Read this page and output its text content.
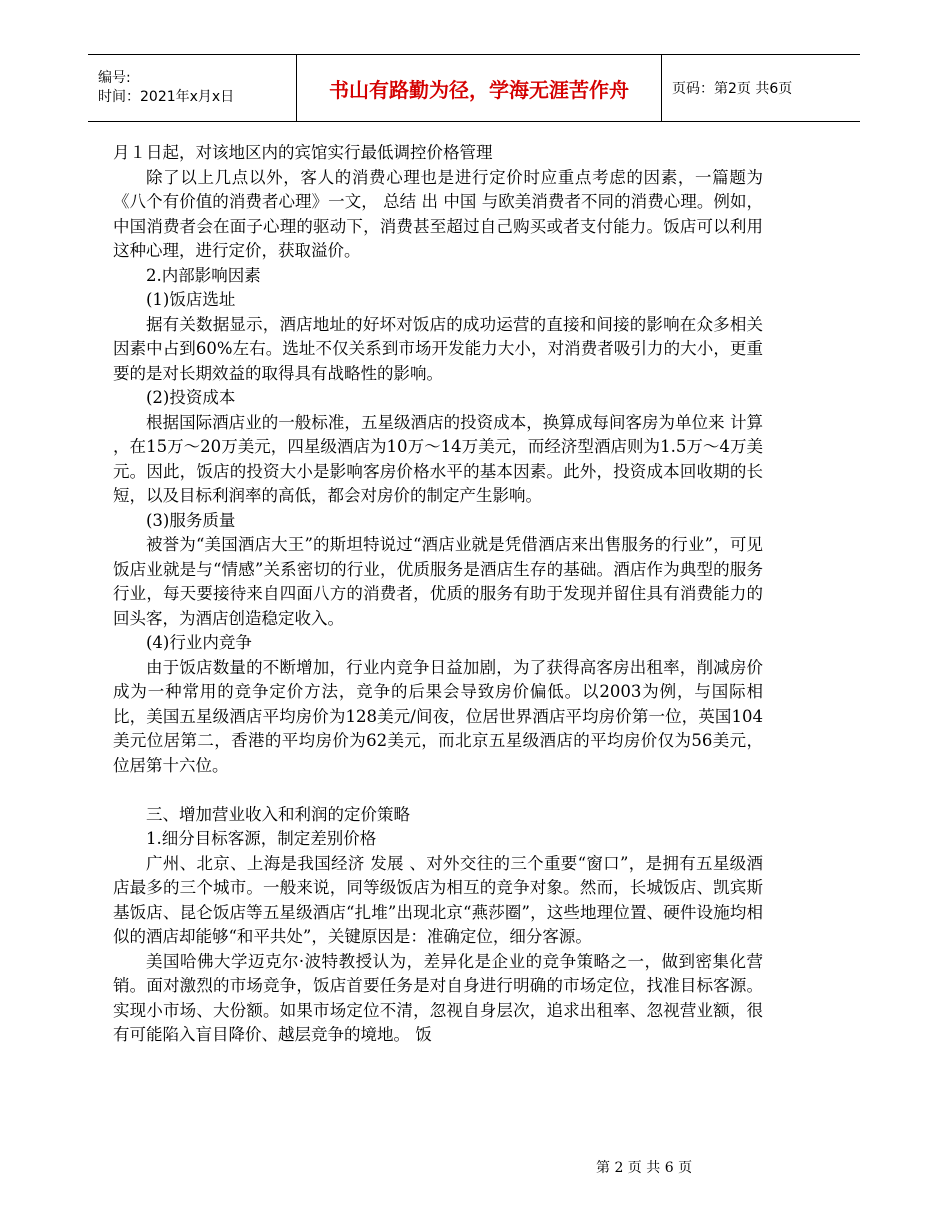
编号:
时间：2021年x月x日	书山有路勤为径，学海无涯苦作舟	页码：第2页 共6页

月１日起，对该地区内的宾馆实行最低调控价格管理

除了以上几点以外，客人的消费心理也是进行定价时应重点考虑的因素，一篇题为《八个有价值的消费者心理》一文， 总结 出 中国 与欧美消费者不同的消费心理。例如，中国消费者会在面子心理的驱动下，消费甚至超过自己购买或者支付能力。饭店可以利用这种心理，进行定价，获取溢价。

2.内部影响因素

(1)饭店选址

据有关数据显示，酒店地址的好坏对饭店的成功运营的直接和间接的影响在众多相关因素中占到60%左右。选址不仅关系到市场开发能力大小，对消费者吸引力的大小，更重要的是对长期效益的取得具有战略性的影响。

(2)投资成本

根据国际酒店业的一般标准，五星级酒店的投资成本，换算成每间客房为单位来 计算 ，在15万～20万美元，四星级酒店为10万～14万美元，而经济型酒店则为1.5万～4万美元。因此，饭店的投资大小是影响客房价格水平的基本因素。此外，投资成本回收期的长短，以及目标利润率的高低，都会对房价的制定产生影响。

(3)服务质量

被誉为“美国酒店大王”的斯坦特说过“酒店业就是凭借酒店来出售服务的行业”，可见饭店业就是与“情感”关系密切的行业，优质服务是酒店生存的基础。酒店作为典型的服务行业，每天要接待来自四面八方的消费者，优质的服务有助于发现并留住具有消费能力的回头客，为酒店创造稳定收入。

(4)行业内竞争

由于饭店数量的不断增加，行业内竞争日益加剧，为了获得高客房出租率，削减房价成为一种常用的竞争定价方法，竞争的后果会导致房价偏低。以2003为例，与国际相比，美国五星级酒店平均房价为128美元/间夜，位居世界酒店平均房价第一位，英国104美元位居第二，香港的平均房价为62美元，而北京五星级酒店的平均房价仅为56美元，位居第十六位。

三、增加营业收入和利润的定价策略

1.细分目标客源，制定差别价格

广州、北京、上海是我国经济 发展 、对外交往的三个重要“窗口”，是拥有五星级酒店最多的三个城市。一般来说，同等级饭店为相互的竞争对象。然而，长城饭店、凯宾斯基饭店、昆仑饭店等五星级酒店“扎堆”出现北京“燕莎圈”，这些地理位置、硬件设施均相似的酒店却能够“和平共处”，关键原因是：准确定位，细分客源。

美国哈佛大学迈克尔·波特教授认为，差异化是企业的竞争策略之一，做到密集化营销。面对激烈的市场竞争，饭店首要任务是对自身进行明确的市场定位，找准目标客源。实现小市场、大份额。如果市场定位不清，忽视自身层次，追求出租率、忽视营业额，很有可能陷入盲目降价、越层竞争的境地。 饭

第 2 页 共 6 页
